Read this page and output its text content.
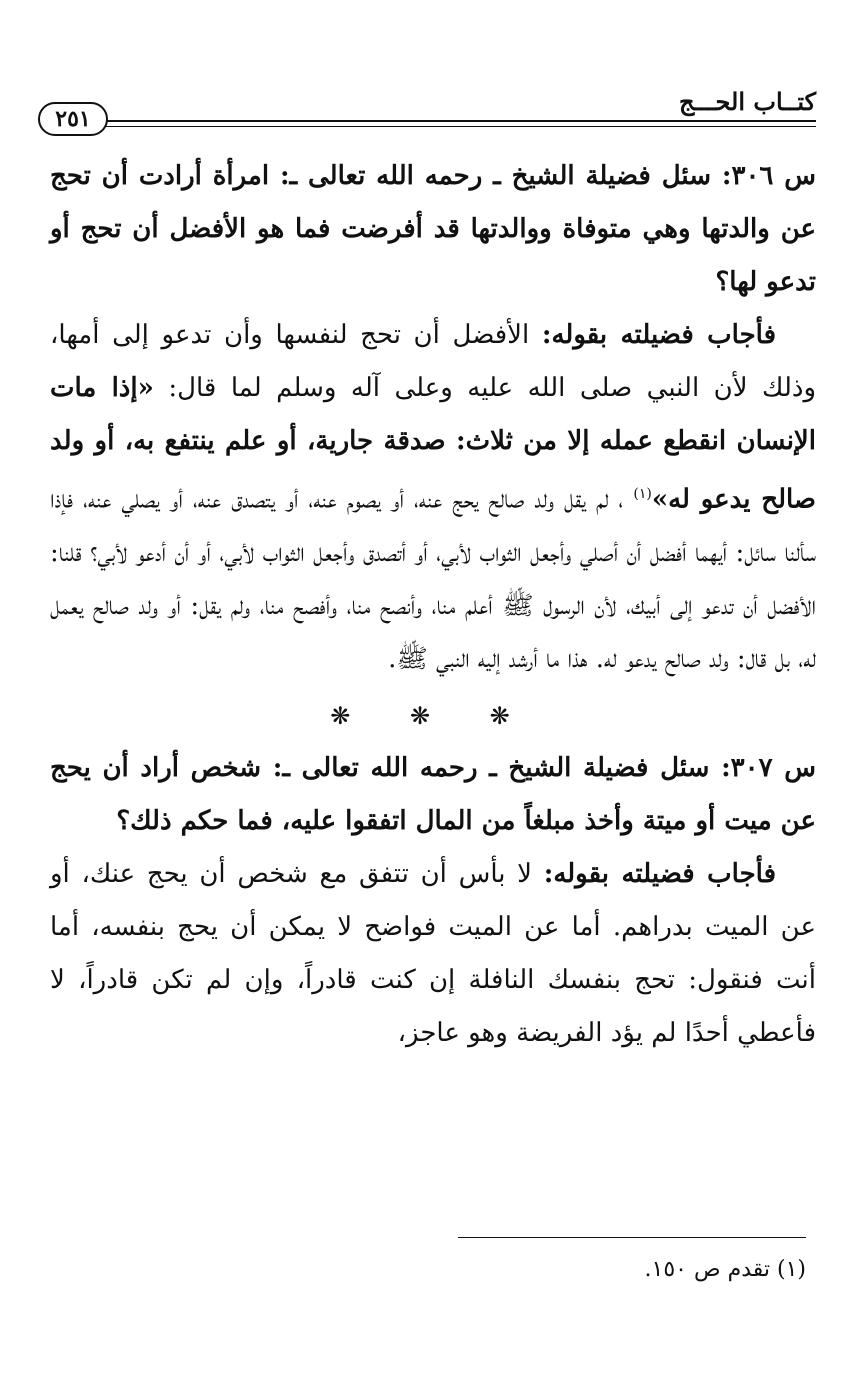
كتــاب الحـــج
٢٥١

س ٣٠٦: سئل فضيلة الشيخ ـ رحمه الله تعالى ـ: امرأة أرادت أن تحج عن والدتها وهي متوفاة ووالدتها قد أفرضت فما هو الأفضل أن تحج أو تدعو لها؟

فأجاب فضيلته بقوله: الأفضل أن تحج لنفسها وأن تدعو إلى أمها، وذلك لأن النبي صلى الله عليه وعلى آله وسلم لما قال: «إذا مات الإنسان انقطع عمله إلا من ثلاث: صدقة جارية، أو علم ينتفع به، أو ولد صالح يدعو له»$^{(١)}$ ، لم يقل ولد صالح يحج عنه، أو يصوم عنه، أو يتصدق عنه، أو يصلي عنه، فإذا سألنا سائل: أيهما أفضل أن أصلي وأجعل الثواب لأبي، أو أتصدق وأجعل الثواب لأبي، أو أن أدعو لأبي؟ قلنا: الأفضل أن تدعو إلى أبيك، لأن الرسول ﷺ أعلم منا، وأنصح منا، وأفصح منا، ولم يقل: أو ولد صالح يعمل له، بل قال: ولد صالح يدعو له. هذا ما أرشد إليه النبي ﷺ.

❋ ❋ ❋

س ٣٠٧: سئل فضيلة الشيخ ـ رحمه الله تعالى ـ: شخص أراد أن يحج عن ميت أو ميتة وأخذ مبلغاً من المال اتفقوا عليه، فما حكم ذلك؟

فأجاب فضيلته بقوله: لا بأس أن تتفق مع شخص أن يحج عنك، أو عن الميت بدراهم. أما عن الميت فواضح لا يمكن أن يحج بنفسه، أما أنت فنقول: تحج بنفسك النافلة إن كنت قادراً، وإن لم تكن قادراً، لا فأعطي أحدًا لم يؤد الفريضة وهو عاجز،

(١) تقدم ص ١٥٠.
